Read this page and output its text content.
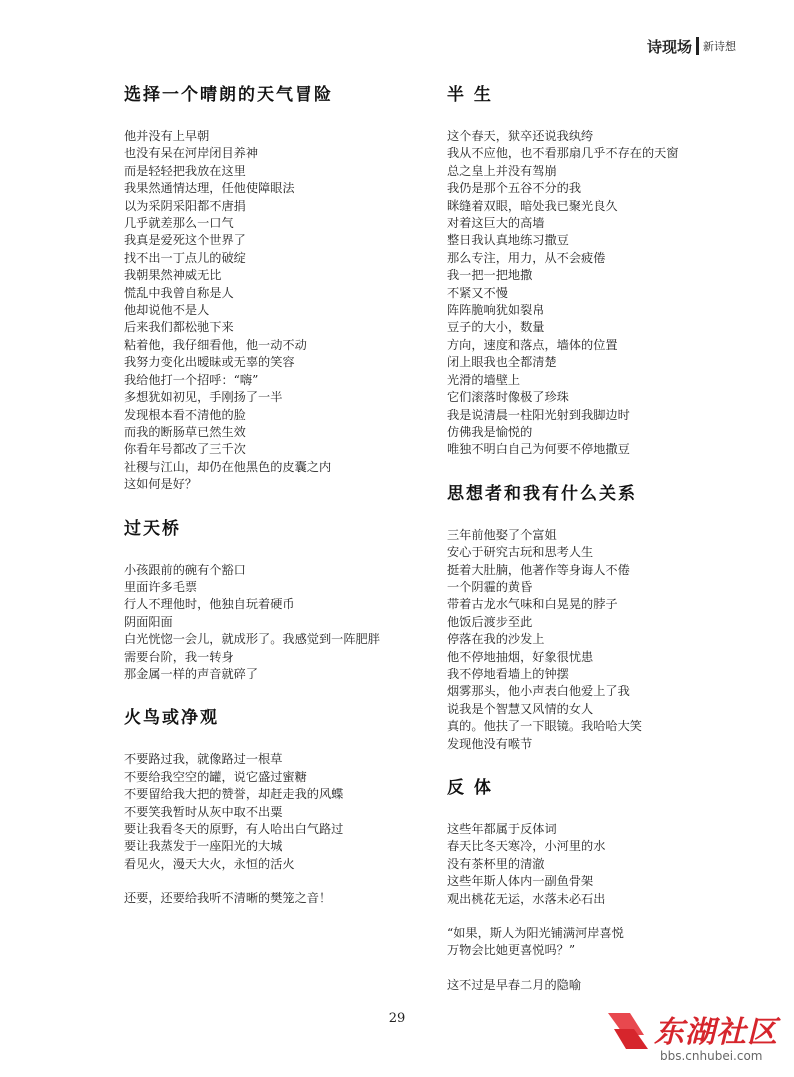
诗现场 新诗想
选择一个晴朗的天气冒险
他并没有上早朝
也没有呆在河岸闭目养神
而是轻轻把我放在这里
我果然通情达理，任他使障眼法
以为采阴采阳都不唐捐
几乎就差那么一口气
我真是爱死这个世界了
找不出一丁点儿的破绽
我朝果然神威无比
慌乱中我曾自称是人
他却说他不是人
后来我们都松驰下来
粘着他，我仔细看他，他一动不动
我努力变化出暧昧或无辜的笑容
我给他打一个招呼：“嗨”
多想犹如初见，手刚扬了一半
发现根本看不清他的脸
而我的断肠草已然生效
你看年号都改了三千次
社稷与江山，却仍在他黑色的皮囊之内
这如何是好？
过天桥
小孩跟前的碗有个豁口
里面许多毛票
行人不理他时，他独自玩着硬币
阴面阳面
白光恍惚一会儿，就成形了。我感觉到一阵肥胖
需要台阶，我一转身
那金属一样的声音就碎了
火鸟或净观
不要路过我，就像路过一根草
不要给我空空的罐，说它盛过蜜糖
不要留给我大把的赞誉，却赶走我的风蝶
不要笑我暂时从灰中取不出粟
要让我看冬天的原野，有人哈出白气路过
要让我蒸发于一座阳光的大城
看见火，漫天大火，永恒的活火
还要，还要给我听不清晰的樊笼之音！
半 生
这个春天，狱卒还说我纨绔
我从不应他，也不看那扇几乎不存在的天窗
总之皇上并没有驾崩
我仍是那个五谷不分的我
眯缝着双眼，暗处我已聚光良久
对着这巨大的高墙
整日我认真地练习撒豆
那么专注，用力，从不会疲倦
我一把一把地撒
不紧又不慢
阵阵脆响犹如裂帛
豆子的大小，数量
方向，速度和落点，墙体的位置
闭上眼我也全都清楚
光滑的墙壁上
它们滚落时像极了珍珠
我是说清晨一柱阳光射到我脚边时
仿佛我是愉悦的
唯独不明白自己为何要不停地撒豆
思想者和我有什么关系
三年前他娶了个富姐
安心于研究古玩和思考人生
挺着大肚腩，他著作等身诲人不倦
一个阴霾的黄昏
带着古龙水气味和白晃晃的脖子
他饭后渡步至此
停落在我的沙发上
他不停地抽烟，好象很忧患
我不停地看墙上的钟摆
烟雾那头，他小声表白他爱上了我
说我是个智慧又风情的女人
真的。他扶了一下眼镜。我哈哈大笑
发现他没有喉节
反 体
这些年都属于反体词
春天比冬天寒冷，小河里的水
没有茶杯里的清澈
这些年斯人体内一副鱼骨架
观出桃花无运，水落未必石出
“如果，斯人为阳光铺满河岸喜悦
万物会比她更喜悦吗？”
这不过是早春二月的隐喻
29	东湖社区
bbs.cnhubei.com
